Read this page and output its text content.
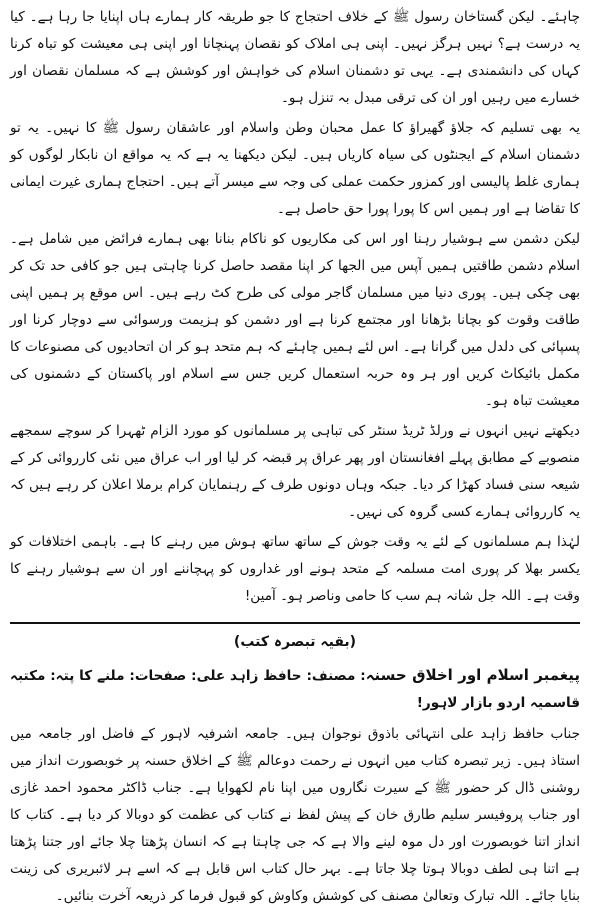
چاہئے۔ لیکن گستاخان رسول ﷺ کے خلاف احتجاج کا جو طریقہ کار ہمارے ہاں اپنایا جا رہا ہے۔ کیا یہ درست ہے؟ نہیں ہرگز نہیں۔ اپنی ہی املاک کو نقصان پہنچانا اور اپنی ہی معیشت کو تباہ کرنا کہاں کی دانشمندی ہے۔ یہی تو دشمنان اسلام کی خواہش اور کوشش ہے کہ مسلمان نقصان اور خسارے میں رہیں اور ان کی ترقی مبدل بہ تنزل ہو۔

یہ بھی تسلیم کہ جلاؤ گھیراؤ کا عمل محبان وطن واسلام اور عاشقان رسول ﷺ کا نہیں۔ یہ تو دشمنان اسلام کے ایجنٹوں کی سیاہ کاریاں ہیں۔ لیکن دیکھنا یہ ہے کہ یہ مواقع ان نابکار لوگوں کو ہماری غلط پالیسی اور کمزور حکمت عملی کی وجہ سے میسر آتے ہیں۔ احتجاج ہماری غیرت ایمانی کا تقاضا ہے اور ہمیں اس کا پورا پورا حق حاصل ہے۔

لیکن دشمن سے ہوشیار رہنا اور اس کی مکاریوں کو ناکام بنانا بھی ہمارے فرائض میں شامل ہے۔ اسلام دشمن طاقتیں ہمیں آپس میں الجھا کر اپنا مقصد حاصل کرنا چاہتی ہیں جو کافی حد تک کر بھی چکی ہیں۔ پوری دنیا میں مسلمان گاجر مولی کی طرح کٹ رہے ہیں۔ اس موقع پر ہمیں اپنی طاقت وقوت کو بچانا بڑھانا اور مجتمع کرنا ہے اور دشمن کو ہزیمت ورسوائی سے دوچار کرنا اور پسپائی کی دلدل میں گرانا ہے۔ اس لئے ہمیں چاہئے کہ ہم متحد ہو کر ان اتحادیوں کی مصنوعات کا مکمل بائیکاٹ کریں اور ہر وہ حربہ استعمال کریں جس سے اسلام اور پاکستان کے دشمنوں کی معیشت تباہ ہو۔

دیکھتے نہیں انہوں نے ورلڈ ٹریڈ سنٹر کی تباہی پر مسلمانوں کو مورد الزام ٹھہرا کر سوچے سمجھے منصوبے کے مطابق پہلے افغانستان اور پھر عراق پر قبضہ کر لیا اور اب عراق میں نئی کارروائی کر کے شیعہ سنی فساد کھڑا کر دیا۔ جبکہ وہاں دونوں طرف کے رہنمایان کرام برملا اعلان کر رہے ہیں کہ یہ کارروائی ہمارے کسی گروہ کی نہیں۔

لہٰذا ہم مسلمانوں کے لئے یہ وقت جوش کے ساتھ ساتھ ہوش میں رہنے کا ہے۔ باہمی اختلافات کو یکسر بھلا کر پوری امت مسلمہ کے متحد ہونے اور غداروں کو پہچاننے اور ان سے ہوشیار رہنے کا وقت ہے۔ اللہ جل شانہ ہم سب کا حامی وناصر ہو۔ آمین!

(بقیہ تبصرہ کتب)

پیغمبر اسلام اور اخلاق حسنہ: مصنف: حافظ زاہد علی: صفحات: ملنے کا پتہ: مکتبہ قاسمیہ اردو بازار لاہور!

جناب حافظ زاہد علی انتہائی باذوق نوجوان ہیں۔ جامعہ اشرفیہ لاہور کے فاضل اور جامعہ میں استاذ ہیں۔ زیر تبصرہ کتاب میں انہوں نے رحمت دوعالم ﷺ کے اخلاق حسنہ پر خوبصورت انداز میں روشنی ڈال کر حضور ﷺ کے سیرت نگاروں میں اپنا نام لکھوایا ہے۔ جناب ڈاکٹر محمود احمد غازی اور جناب پروفیسر سلیم طارق خان کے پیش لفظ نے کتاب کی عظمت کو دوبالا کر دیا ہے۔ کتاب کا انداز اتنا خوبصورت اور دل موہ لینے والا ہے کہ جی چاہتا ہے کہ انسان پڑھتا چلا جائے اور جتنا پڑھتا ہے اتنا ہی لطف دوبالا ہوتا چلا جاتا ہے۔ بہر حال کتاب اس قابل ہے کہ اسے ہر لائبریری کی زینت بنایا جائے۔ اللہ تبارک وتعالیٰ مصنف کی کوشش وکاوش کو قبول فرما کر ذریعہ آخرت بنائیں۔
